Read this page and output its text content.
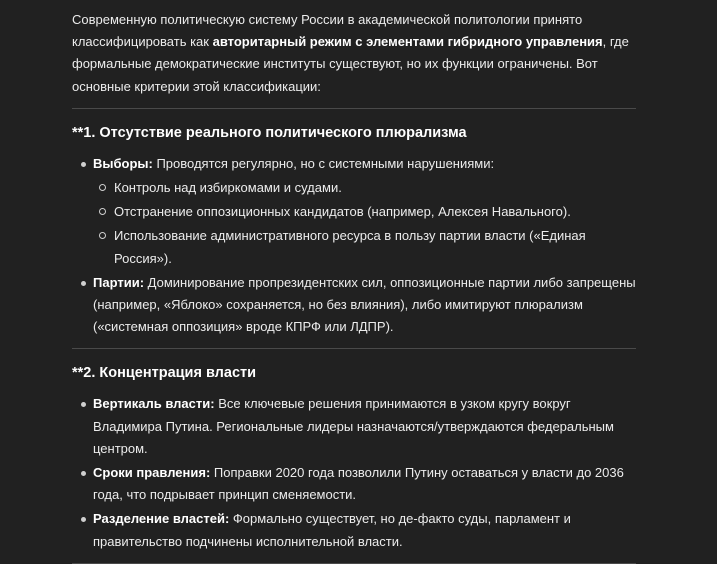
Современную политическую систему России в академической политологии принято классифицировать как авторитарный режим с элементами гибридного управления, где формальные демократические институты существуют, но их функции ограничены. Вот основные критерии этой классификации:

**1. Отсутствие реального политического плюрализма
Выборы: Проводятся регулярно, но с системными нарушениями:
Контроль над избиркомами и судами.
Отстранение оппозиционных кандидатов (например, Алексея Навального).
Использование административного ресурса в пользу партии власти («Единая Россия»).
Партии: Доминирование пропрезидентских сил, оппозиционные партии либо запрещены (например, «Яблоко» сохраняется, но без влияния), либо имитируют плюрализм («системная оппозиция» вроде КПРФ или ЛДПР).
**2. Концентрация власти
Вертикаль власти: Все ключевые решения принимаются в узком кругу вокруг Владимира Путина. Региональные лидеры назначаются/утверждаются федеральным центром.
Сроки правления: Поправки 2020 года позволили Путину оставаться у власти до 2036 года, что подрывает принцип сменяемости.
Разделение властей: Формально существует, но де-факто суды, парламент и правительство подчинены исполнительной власти.
